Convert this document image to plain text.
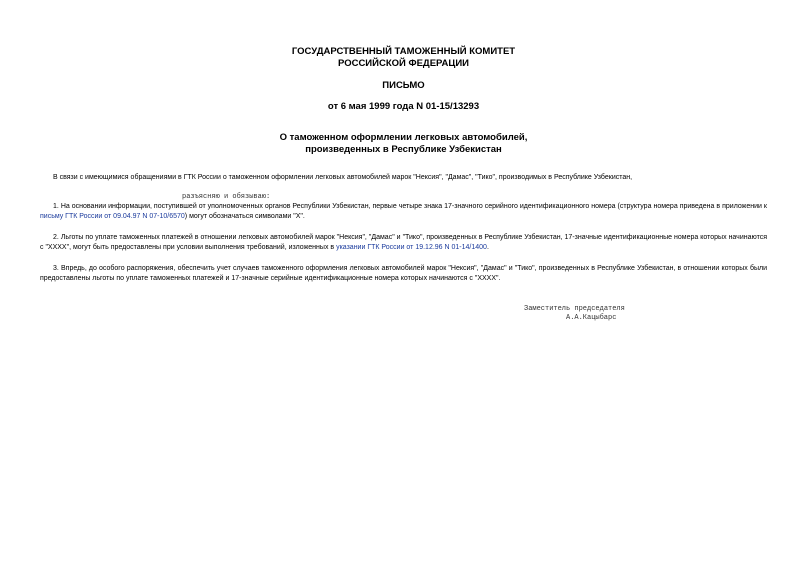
ГОСУДАРСТВЕННЫЙ ТАМОЖЕННЫЙ КОМИТЕТ
РОССИЙСКОЙ ФЕДЕРАЦИИ
ПИСЬМО
от 6 мая 1999 года N 01-15/13293
О таможенном оформлении легковых автомобилей,
произведенных в Республике Узбекистан

В связи с имеющимися обращениями в ГТК России о таможенном оформлении легковых автомобилей марок "Нексия", "Дамас", "Тико", производимых в Республике Узбекистан,

разъясняю и обязываю:

1. На основании информации, поступившей от уполномоченных органов Республики Узбекистан, первые четыре знака 17-значного серийного идентификационного номера (структура номера приведена в приложении к письму ГТК России от 09.04.97 N 07-10/6570) могут обозначаться символами "Х".

2. Льготы по уплате таможенных платежей в отношении легковых автомобилей марок "Нексия", "Дамас" и "Тико", произведенных в Республике Узбекистан, 17-значные идентификационные номера которых начинаются с "XXXX", могут быть предоставлены при условии выполнения требований, изложенных в указании ГТК России от 19.12.96 N 01-14/1400.

3. Впредь, до особого распоряжения, обеспечить учет случаев таможенного оформления легковых автомобилей марок "Нексия", "Дамас" и "Тико", произведенных в Республике Узбекистан, в отношении которых были предоставлены льготы по уплате таможенных платежей и 17-значные серийные идентификационные номера которых начинаются с "XXXX".

Заместитель председателя

А.А.Кацыбарс
